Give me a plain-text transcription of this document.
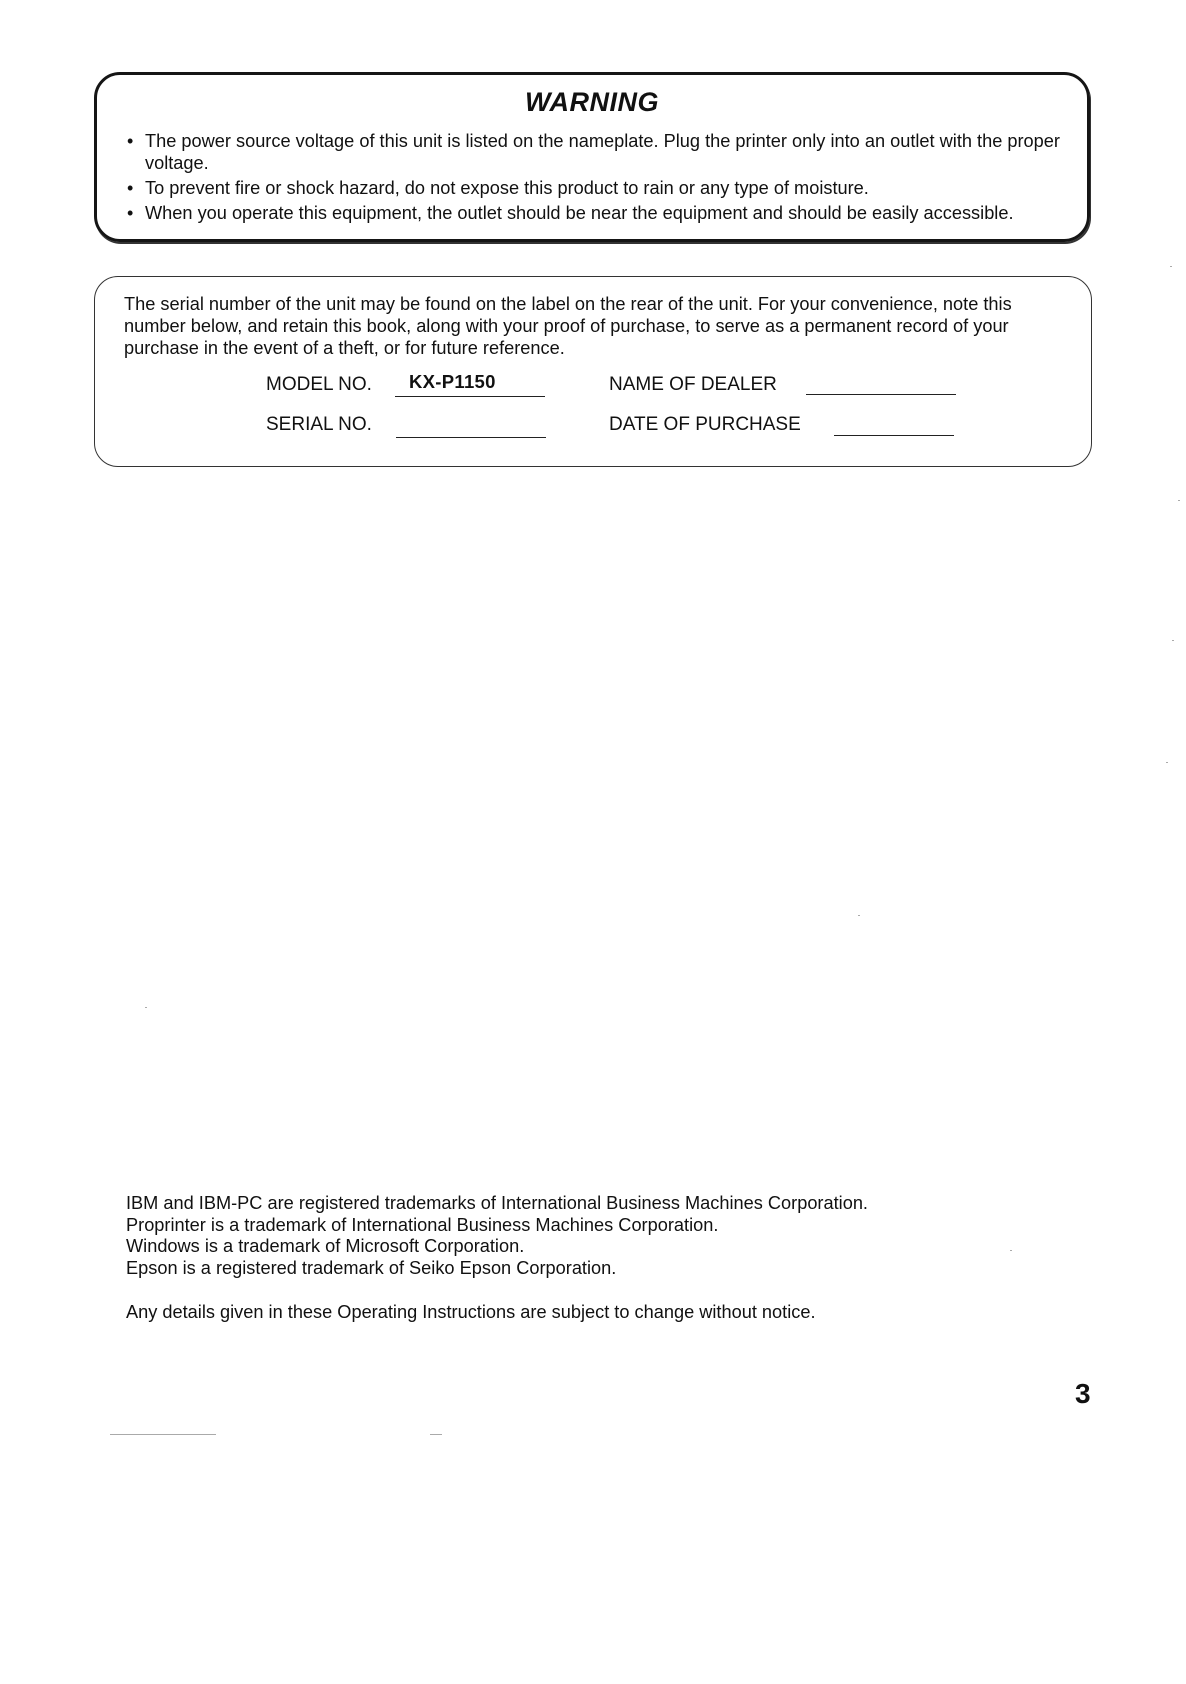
WARNING
• The power source voltage of this unit is listed on the nameplate. Plug the printer only into an outlet with the proper voltage.
• To prevent fire or shock hazard, do not expose this product to rain or any type of moisture.
• When you operate this equipment, the outlet should be near the equipment and should be easily accessible.

The serial number of the unit may be found on the label on the rear of the unit. For your convenience, note this number below, and retain this book, along with your proof of purchase, to serve as a permanent record of your purchase in the event of a theft, or for future reference.

MODEL NO. KX-P1150	NAME OF DEALER
SERIAL NO.	DATE OF PURCHASE
IBM and IBM-PC are registered trademarks of International Business Machines Corporation.
Proprinter is a trademark of International Business Machines Corporation.
Windows is a trademark of Microsoft Corporation.
Epson is a registered trademark of Seiko Epson Corporation.
Any details given in these Operating Instructions are subject to change without notice.
3
